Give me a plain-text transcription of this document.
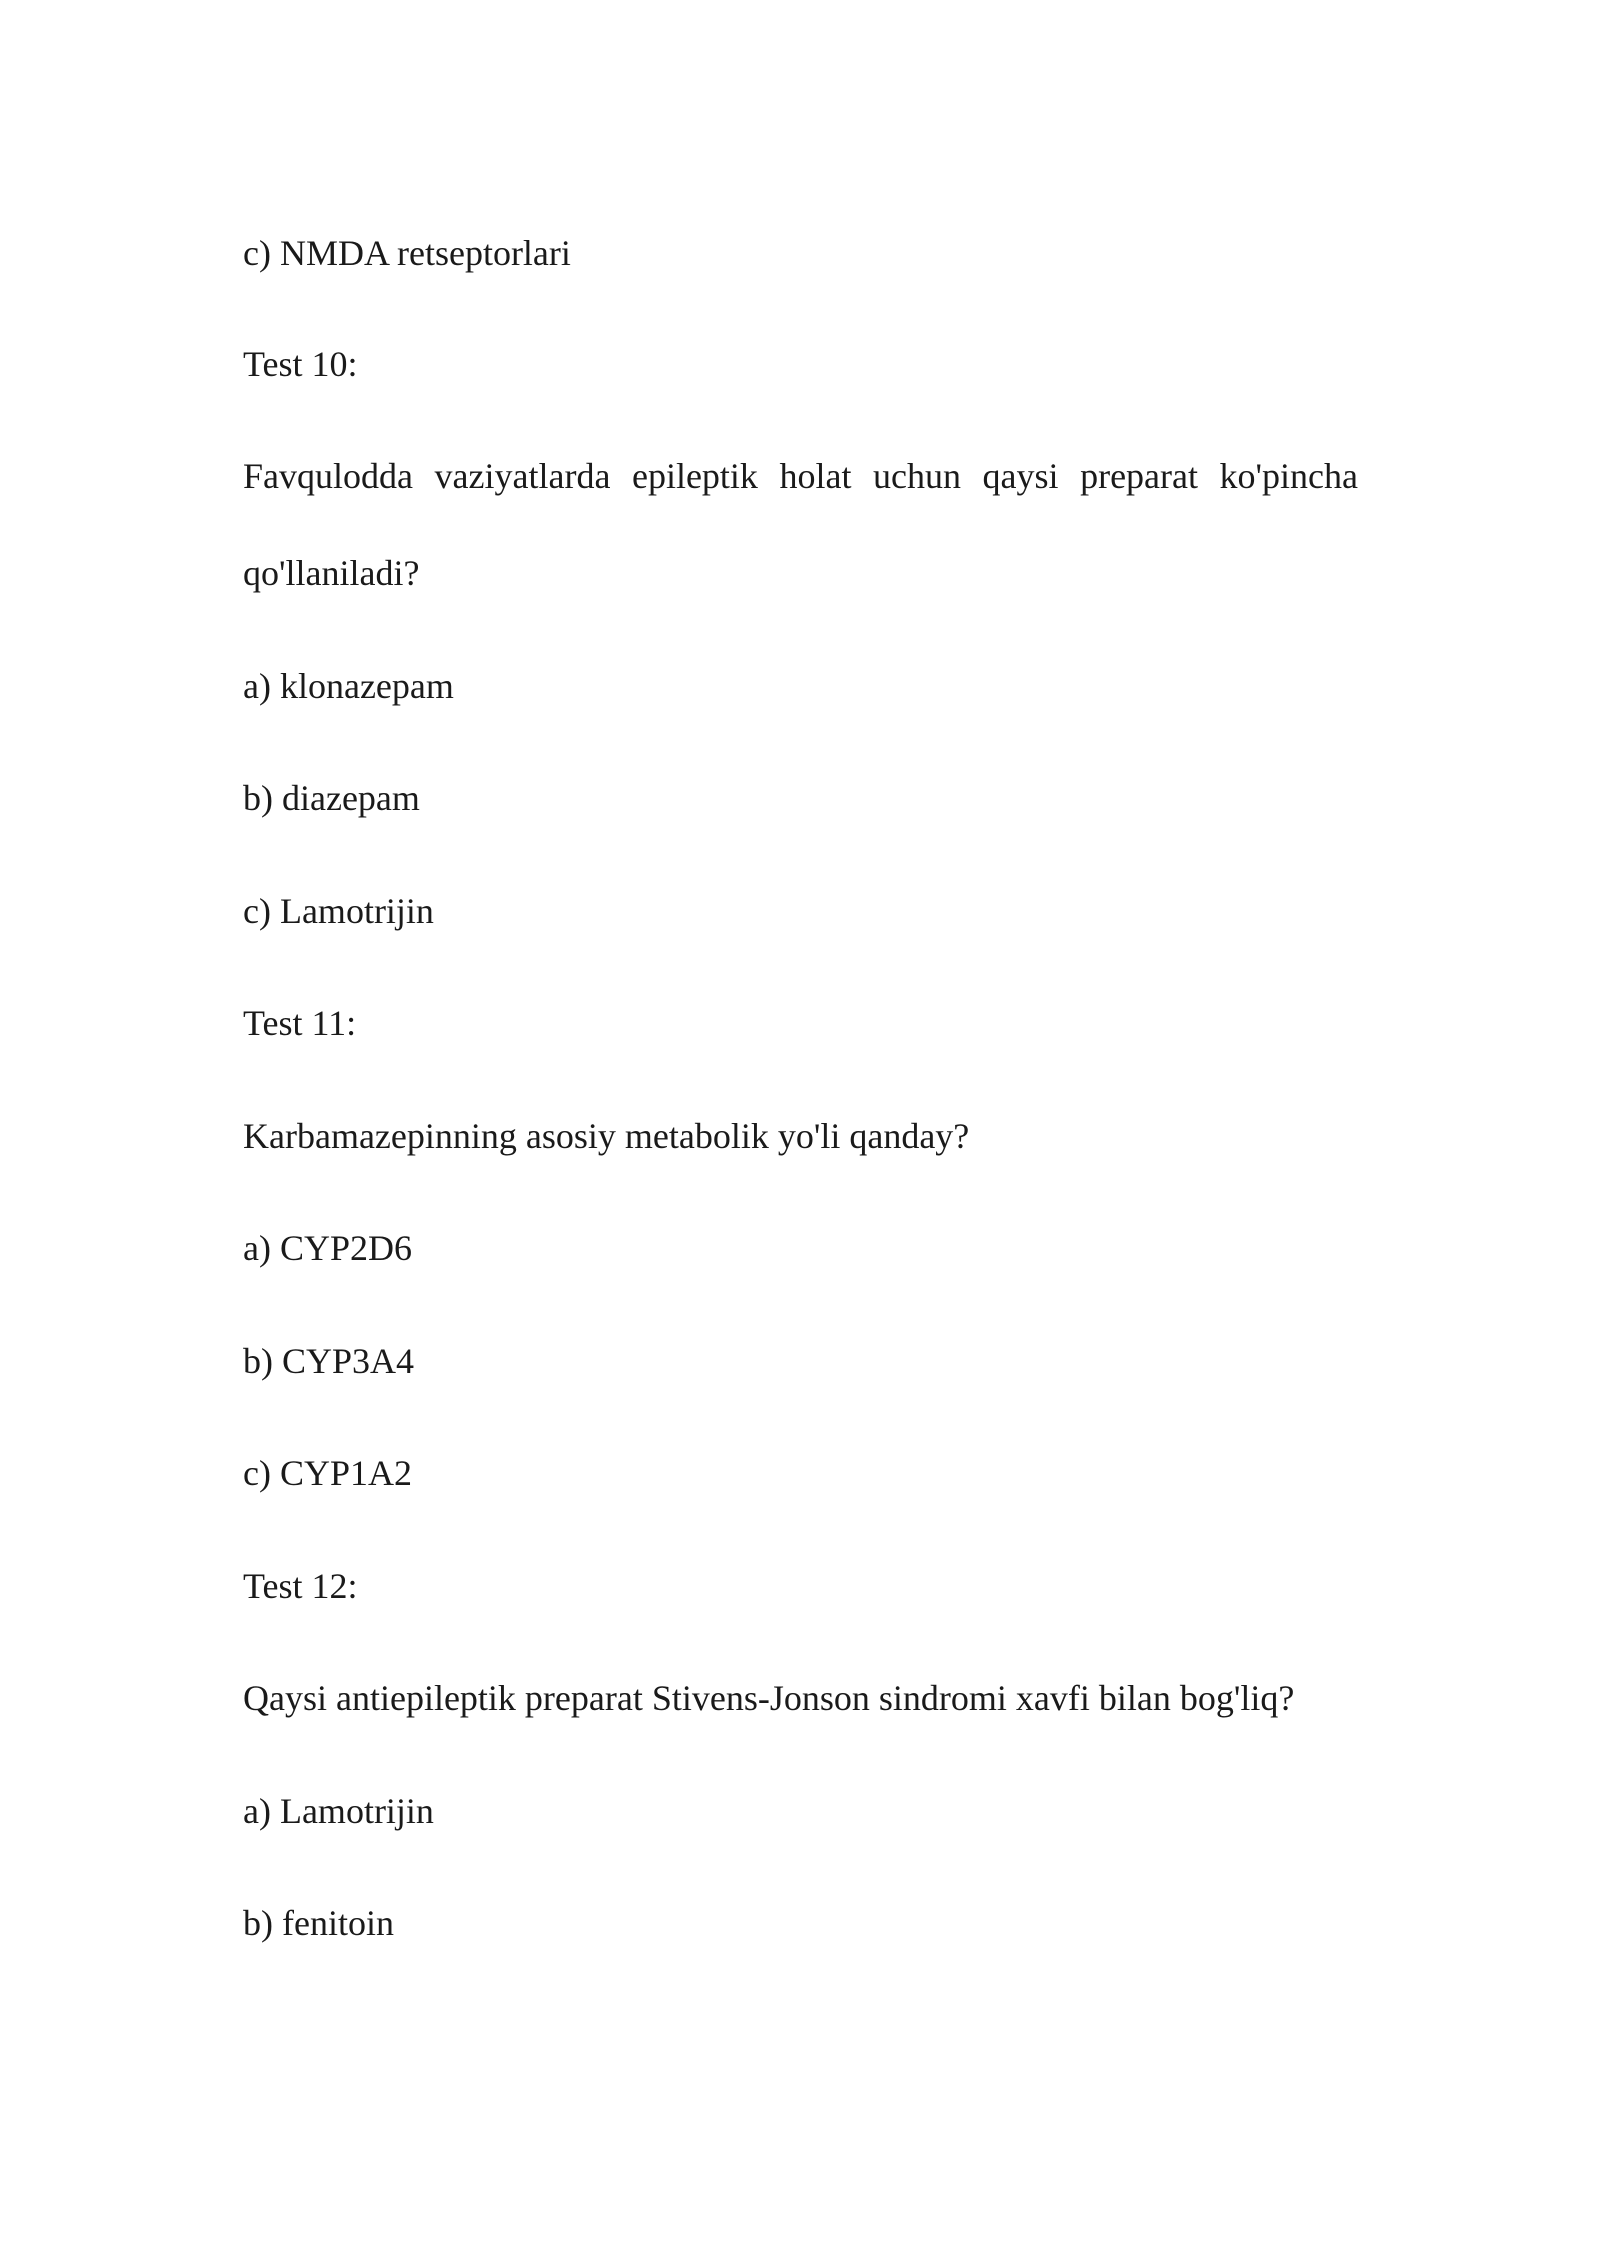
c) NMDA retseptorlari
Test 10:
Favqulodda vaziyatlarda epileptik holat uchun qaysi preparat ko'pincha
qo'llaniladi?
a) klonazepam
b) diazepam
c) Lamotrijin
Test 11:
Karbamazepinning asosiy metabolik yo'li qanday?
a) CYP2D6
b) CYP3A4
c) CYP1A2
Test 12:
Qaysi antiepileptik preparat Stivens-Jonson sindromi xavfi bilan bog'liq?
a) Lamotrijin
b) fenitoin
